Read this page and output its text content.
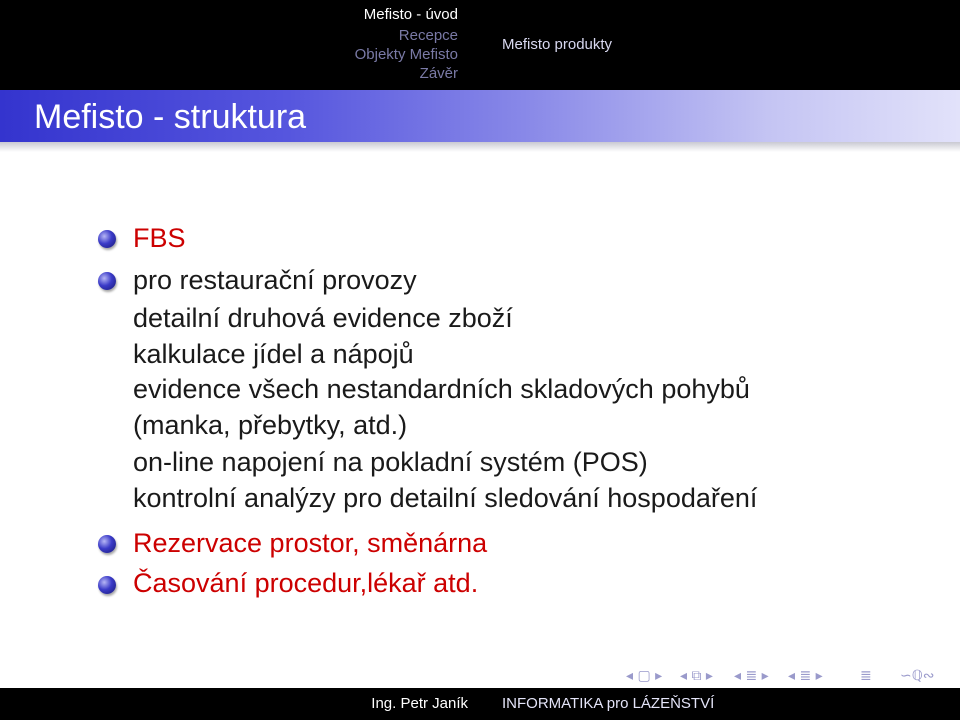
Mefisto - úvod
Recepce
Objekty Mefisto
Závěr
Mefisto produkty
Mefisto - struktura
FBS
pro restaurační provozy
detailní druhová evidence zboží
kalkulace jídel a nápojů
evidence všech nestandardních skladových pohybů
(manka, přebytky, atd.)
on-line napojení na pokladní systém (POS)
kontrolní analýzy pro detailní sledování hospodaření
Rezervace prostor, směnárna
Časování procedur,lékař atd.
◂ ▢ ▸ ◂ ⧉ ▸ ◂ ≣ ▸ ◂ ≣ ▸	≣ ∽ℚ∾
Ing. Petr Janík	INFORMATIKA pro LÁZEŇSTVÍ
